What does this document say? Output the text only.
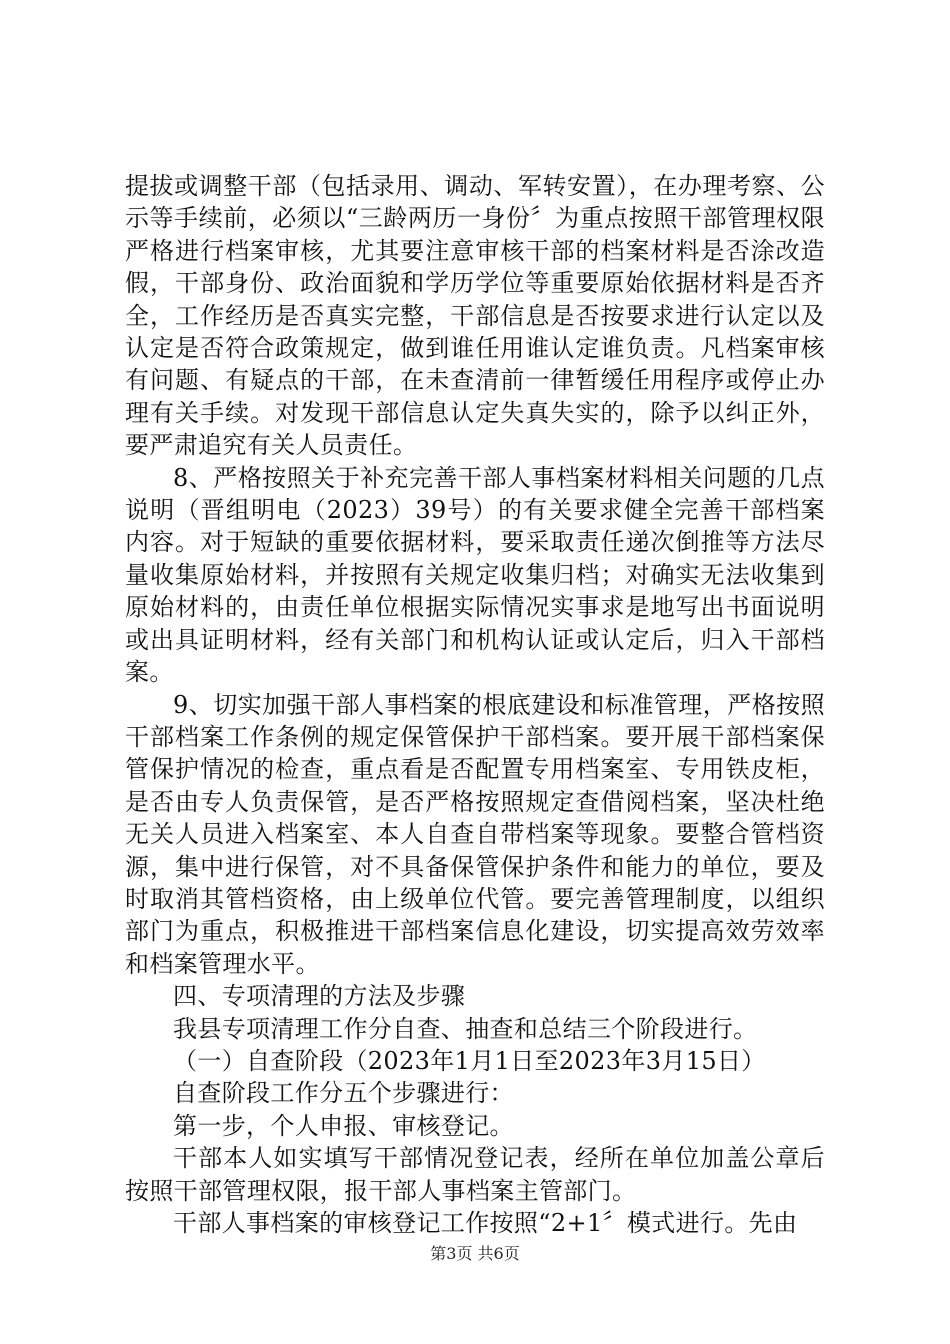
提拔或调整干部（包括录用、调动、军转安置），在办理考察、公示等手续前，必须以“三龄两历一身份〞为重点按照干部管理权限严格进行档案审核，尤其要注意审核干部的档案材料是否涂改造假，干部身份、政治面貌和学历学位等重要原始依据材料是否齐全，工作经历是否真实完整，干部信息是否按要求进行认定以及认定是否符合政策规定，做到谁任用谁认定谁负责。凡档案审核有问题、有疑点的干部，在未查清前一律暂缓任用程序或停止办理有关手续。对发现干部信息认定失真失实的，除予以纠正外，要严肃追究有关人员责任。

8、严格按照关于补充完善干部人事档案材料相关问题的几点说明（晋组明电（2023）39号）的有关要求健全完善干部档案内容。对于短缺的重要依据材料，要采取责任递次倒推等方法尽量收集原始材料，并按照有关规定收集归档；对确实无法收集到原始材料的，由责任单位根据实际情况实事求是地写出书面说明或出具证明材料，经有关部门和机构认证或认定后，归入干部档案。

9、切实加强干部人事档案的根底建设和标准管理，严格按照干部档案工作条例的规定保管保护干部档案。要开展干部档案保管保护情况的检查，重点看是否配置专用档案室、专用铁皮柜，是否由专人负责保管，是否严格按照规定查借阅档案，坚决杜绝无关人员进入档案室、本人自查自带档案等现象。要整合管档资源，集中进行保管，对不具备保管保护条件和能力的单位，要及时取消其管档资格，由上级单位代管。要完善管理制度，以组织部门为重点，积极推进干部档案信息化建设，切实提高效劳效率和档案管理水平。

四、专项清理的方法及步骤

我县专项清理工作分自查、抽查和总结三个阶段进行。

（一）自查阶段（2023年1月1日至2023年3月15日）

自查阶段工作分五个步骤进行：

第一步，个人申报、审核登记。

干部本人如实填写干部情况登记表，经所在单位加盖公章后按照干部管理权限，报干部人事档案主管部门。

干部人事档案的审核登记工作按照“2+1〞模式进行。先由

第3页 共6页
